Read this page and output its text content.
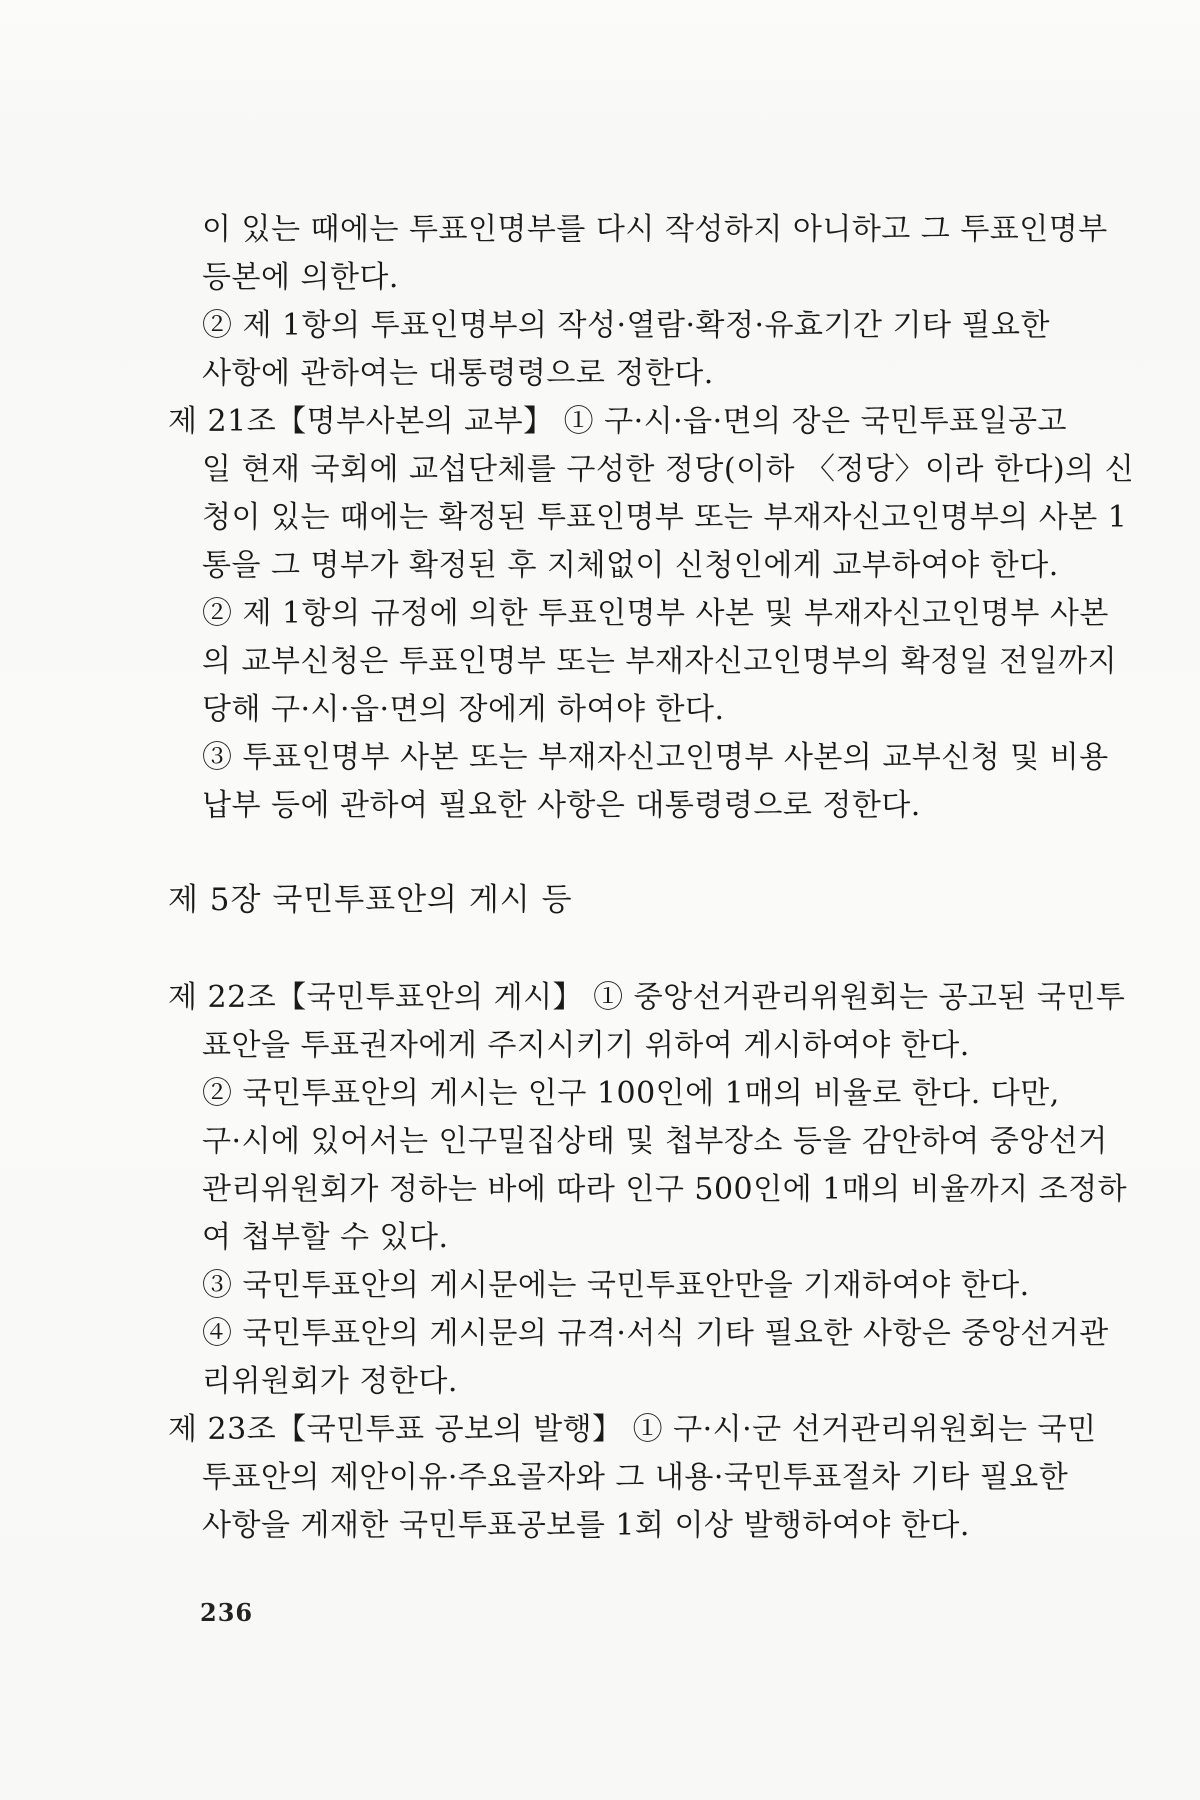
이 있는 때에는 투표인명부를 다시 작성하지 아니하고 그 투표인명부
등본에 의한다.
② 제 1항의 투표인명부의 작성·열람·확정·유효기간 기타 필요한
사항에 관하여는 대통령령으로 정한다.
제 21조【명부사본의 교부】 ① 구·시·읍·면의 장은 국민투표일공고
일 현재 국회에 교섭단체를 구성한 정당(이하 〈정당〉이라 한다)의 신
청이 있는 때에는 확정된 투표인명부 또는 부재자신고인명부의 사본 1
통을 그 명부가 확정된 후 지체없이 신청인에게 교부하여야 한다.
② 제 1항의 규정에 의한 투표인명부 사본 및 부재자신고인명부 사본
의 교부신청은 투표인명부 또는 부재자신고인명부의 확정일 전일까지
당해 구·시·읍·면의 장에게 하여야 한다.
③ 투표인명부 사본 또는 부재자신고인명부 사본의 교부신청 및 비용
납부 등에 관하여 필요한 사항은 대통령령으로 정한다.
제 5장 국민투표안의 게시 등
제 22조【국민투표안의 게시】 ① 중앙선거관리위원회는 공고된 국민투
표안을 투표권자에게 주지시키기 위하여 게시하여야 한다.
② 국민투표안의 게시는 인구 100인에 1매의 비율로 한다. 다만,
구·시에 있어서는 인구밀집상태 및 첩부장소 등을 감안하여 중앙선거
관리위원회가 정하는 바에 따라 인구 500인에 1매의 비율까지 조정하
여 첩부할 수 있다.
③ 국민투표안의 게시문에는 국민투표안만을 기재하여야 한다.
④ 국민투표안의 게시문의 규격·서식 기타 필요한 사항은 중앙선거관
리위원회가 정한다.
제 23조【국민투표 공보의 발행】 ① 구·시·군 선거관리위원회는 국민
투표안의 제안이유·주요골자와 그 내용·국민투표절차 기타 필요한
사항을 게재한 국민투표공보를 1회 이상 발행하여야 한다.
236
